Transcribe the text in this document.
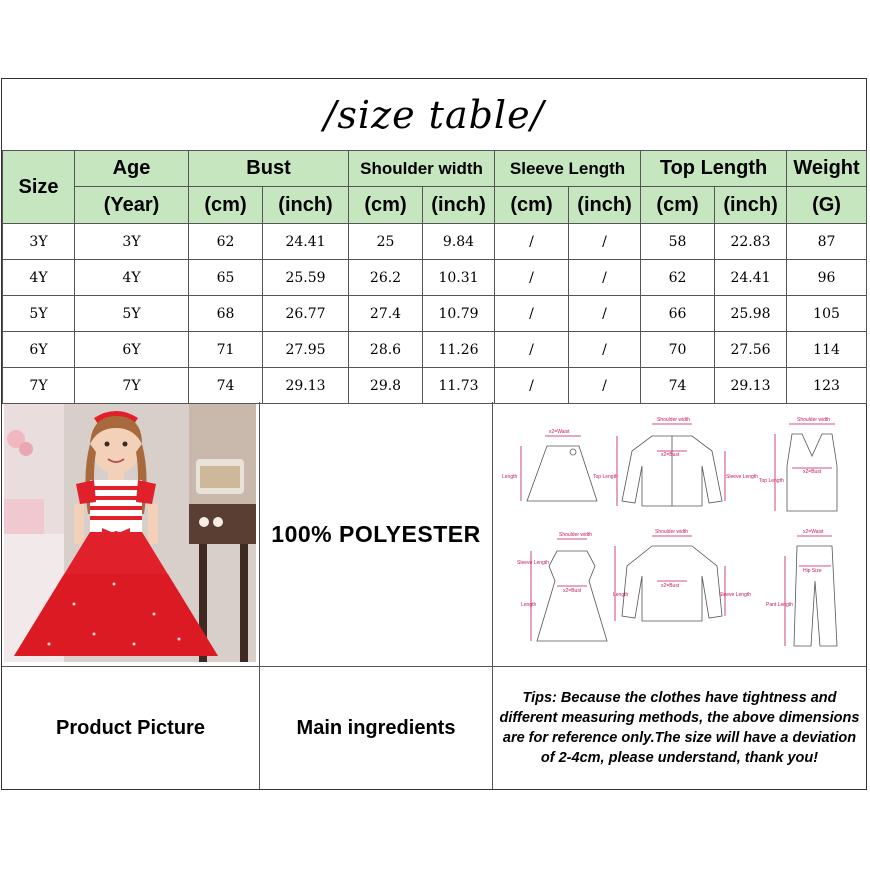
/size table/
Size	Age	Bust		Shoulder width		Sleeve Length		Top Length		Weight
	(Year)	(cm)	(inch)	(cm)	(inch)	(cm)	(inch)	(cm)	(inch)	(G)
3Y	3Y	62	24.41	25	9.84	/	/	58	22.83	87
4Y	4Y	65	25.59	26.2	10.31	/	/	62	24.41	96
5Y	5Y	68	26.77	27.4	10.79	/	/	66	25.98	105
6Y	6Y	71	27.95	28.6	11.26	/	/	70	27.56	114
7Y	7Y	74	29.13	29.8	11.73	/	/	74	29.13	123
100% POLYESTER
x2=Waist
Length
Shoulder width
x2=Bust
Top Length	Sleeve Length
Shoulder width
x2=Bust
Top Length
Shoulder width
Sleeve Length
x2=Bust
Length
Shoulder width
x2=Bust
Length	Sleeve Length
x2=Waist
Hip Size
Pant Length
Product Picture	Main ingredients
Tips: Because the clothes have tightness and different measuring methods, the above dimensions are for reference only.The size will have a deviation of 2-4cm, please understand, thank you!
